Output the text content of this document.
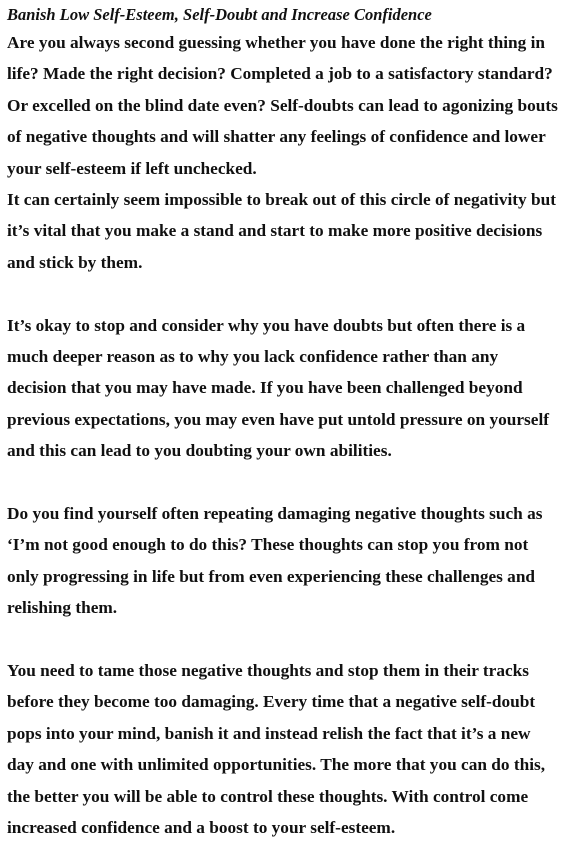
Banish Low Self-Esteem, Self-Doubt and Increase Confidence

Are you always second guessing whether you have done the right thing in life? Made the right decision? Completed a job to a satisfactory standard? Or excelled on the blind date even? Self-doubts can lead to agonizing bouts of negative thoughts and will shatter any feelings of confidence and lower your self-esteem if left unchecked.

It can certainly seem impossible to break out of this circle of negativity but it’s vital that you make a stand and start to make more positive decisions and stick by them.

It’s okay to stop and consider why you have doubts but often there is a much deeper reason as to why you lack confidence rather than any decision that you may have made. If you have been challenged beyond previous expectations, you may even have put untold pressure on yourself and this can lead to you doubting your own abilities.

Do you find yourself often repeating damaging negative thoughts such as ‘I’m not good enough to do this? These thoughts can stop you from not only progressing in life but from even experiencing these challenges and relishing them.

You need to tame those negative thoughts and stop them in their tracks before they become too damaging. Every time that a negative self-doubt pops into your mind, banish it and instead relish the fact that it’s a new day and one with unlimited opportunities. The more that you can do this, the better you will be able to control these thoughts. With control come increased confidence and a boost to your self-esteem.
